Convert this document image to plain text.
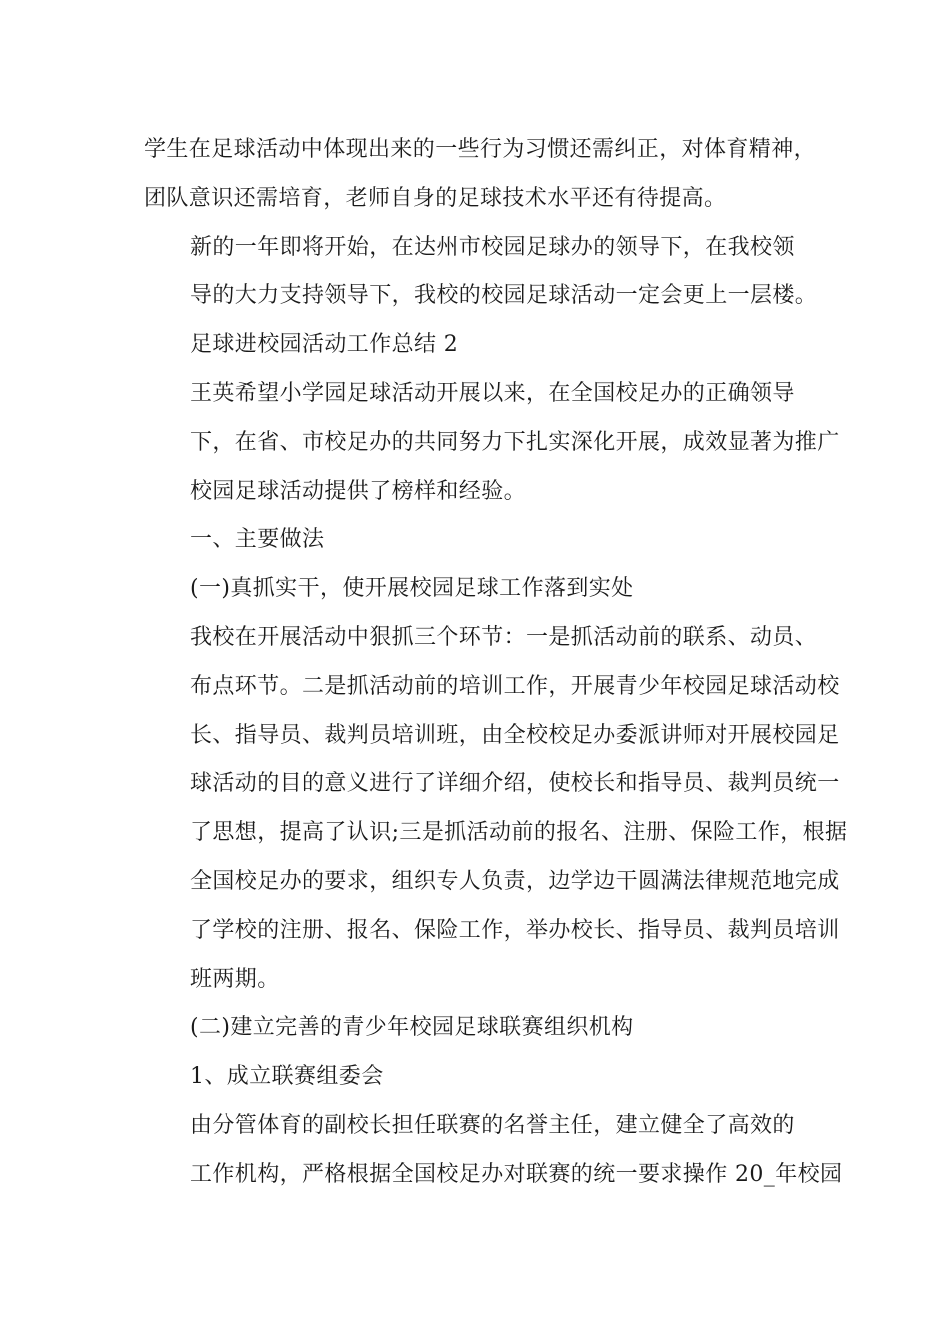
学生在足球活动中体现出来的一些行为习惯还需纠正，对体育精神，
团队意识还需培育，老师自身的足球技术水平还有待提高。

新的一年即将开始，在达州市校园足球办的领导下，在我校领
导的大力支持领导下，我校的校园足球活动一定会更上一层楼。

足球进校园活动工作总结 2

王英希望小学园足球活动开展以来，在全国校足办的正确领导
下，在省、市校足办的共同努力下扎实深化开展，成效显著为推广
校园足球活动提供了榜样和经验。

一、主要做法

(一)真抓实干，使开展校园足球工作落到实处

我校在开展活动中狠抓三个环节：一是抓活动前的联系、动员、
布点环节。二是抓活动前的培训工作，开展青少年校园足球活动校
长、指导员、裁判员培训班，由全校校足办委派讲师对开展校园足
球活动的目的意义进行了详细介绍，使校长和指导员、裁判员统一
了思想，提高了认识;三是抓活动前的报名、注册、保险工作，根据
全国校足办的要求，组织专人负责，边学边干圆满法律规范地完成
了学校的注册、报名、保险工作，举办校长、指导员、裁判员培训
班两期。

(二)建立完善的青少年校园足球联赛组织机构

1、成立联赛组委会

由分管体育的副校长担任联赛的名誉主任，建立健全了高效的
工作机构，严格根据全国校足办对联赛的统一要求操作 20_年校园
